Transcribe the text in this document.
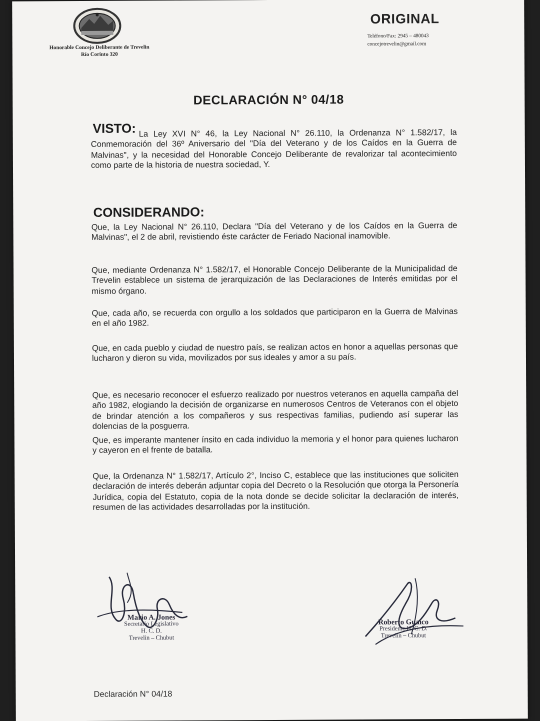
Honorable Concejo Deliberante de Trevelin
Río Corinto 320
ORIGINAL
Teléfono/Fax: 2945 – 480043
concejotrevelin@gmail.com
DECLARACIÓN N° 04/18
VISTO: La Ley XVI N° 46, la Ley Nacional N° 26.110, la Ordenanza N° 1.582/17, la Conmemoración del 36º Aniversario del "Día del Veterano y de los Caídos en la Guerra de Malvinas", y la necesidad del Honorable Concejo Deliberante de revalorizar tal acontecimiento como parte de la historia de nuestra sociedad, Y.
CONSIDERANDO:
Que, la Ley Nacional N° 26.110, Declara "Día del Veterano y de los Caídos en la Guerra de Malvinas", el 2 de abril, revistiendo éste carácter de Feriado Nacional inamovible.
Que, mediante Ordenanza N° 1.582/17, el Honorable Concejo Deliberante de la Municipalidad de Trevelin establece un sistema de jerarquización de las Declaraciones de Interés emitidas por el mismo órgano.
Que, cada año, se recuerda con orgullo a los soldados que participaron en la Guerra de Malvinas en el año 1982.
Que, en cada pueblo y ciudad de nuestro país, se realizan actos en honor a aquellas personas que lucharon y dieron su vida, movilizados por sus ideales y amor a su país.
Que, es necesario reconocer el esfuerzo realizado por nuestros veteranos en aquella campaña del año 1982, elogiando la decisión de organizarse en numerosos Centros de Veteranos con el objeto de brindar atención a los compañeros y sus respectivas familias, pudiendo así superar las dolencias de la posguerra.
Que, es imperante mantener ínsito en cada individuo la memoria y el honor para quienes lucharon y cayeron en el frente de batalla.
Que, la Ordenanza N° 1.582/17, Artículo 2°, Inciso C, establece que las instituciones que soliciten declaración de interés deberán adjuntar copia del Decreto o la Resolución que otorga la Personería Jurídica, copia del Estatuto, copia de la nota donde se decide solicitar la declaración de interés, resumen de las actividades desarrolladas por la institución.
Mario A. Jones
Secretario Legislativo
H. C. D.
Trevelin – Chubut
Roberto Guaico
Presidente H. C. D.
Trevelin – Chubut
Declaración N° 04/18
